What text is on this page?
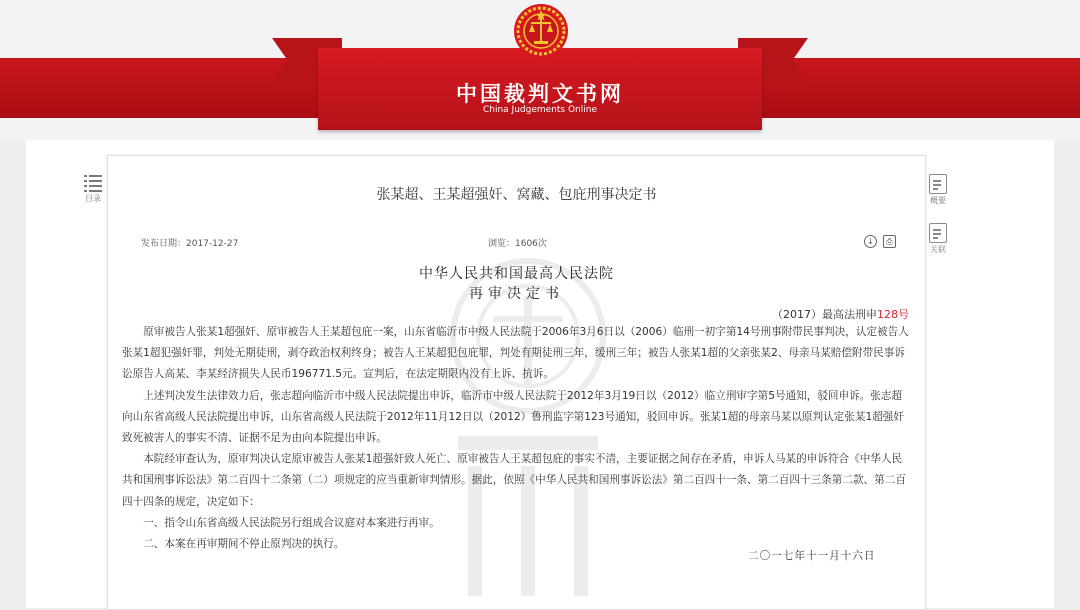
中国裁判文书网
China Judgements Online
目录	概要
关联
张某超、王某超强奸、窝藏、包庇刑事决定书
发布日期：2017-12-27	浏览：1606次	↓	⎙
中华人民共和国最高人民法院
再审决定书
（2017）最高法刑申128号

原审被告人张某1超强奸、原审被告人王某超包庇一案，山东省临沂市中级人民法院于2006年3月6日以（2006）临刑一初字第14号刑事附带民事判决，认定被告人张某1超犯强奸罪，判处无期徒刑，剥夺政治权利终身；被告人王某超犯包庇罪，判处有期徒刑三年，缓刑三年；被告人张某1超的父亲张某2、母亲马某赔偿附带民事诉讼原告人高某、李某经济损失人民币196771.5元。宣判后，在法定期限内没有上诉、抗诉。

上述判决发生法律效力后，张志超向临沂市中级人民法院提出申诉，临沂市中级人民法院于2012年3月19日以（2012）临立刑审字第5号通知，驳回申诉。张志超向山东省高级人民法院提出申诉，山东省高级人民法院于2012年11月12日以（2012）鲁刑监字第123号通知，驳回申诉。张某1超的母亲马某以原判认定张某1超强奸致死被害人的事实不清、证据不足为由向本院提出申诉。

本院经审查认为，原审判决认定原审被告人张某1超强奸致人死亡、原审被告人王某超包庇的事实不清，主要证据之间存在矛盾，申诉人马某的申诉符合《中华人民共和国刑事诉讼法》第二百四十二条第（二）项规定的应当重新审判情形。据此，依照《中华人民共和国刑事诉讼法》第二百四十一条、第二百四十三条第二款、第二百四十四条的规定，决定如下：

一、指令山东省高级人民法院另行组成合议庭对本案进行再审。

二、本案在再审期间不停止原判决的执行。

二〇一七年十一月十六日
